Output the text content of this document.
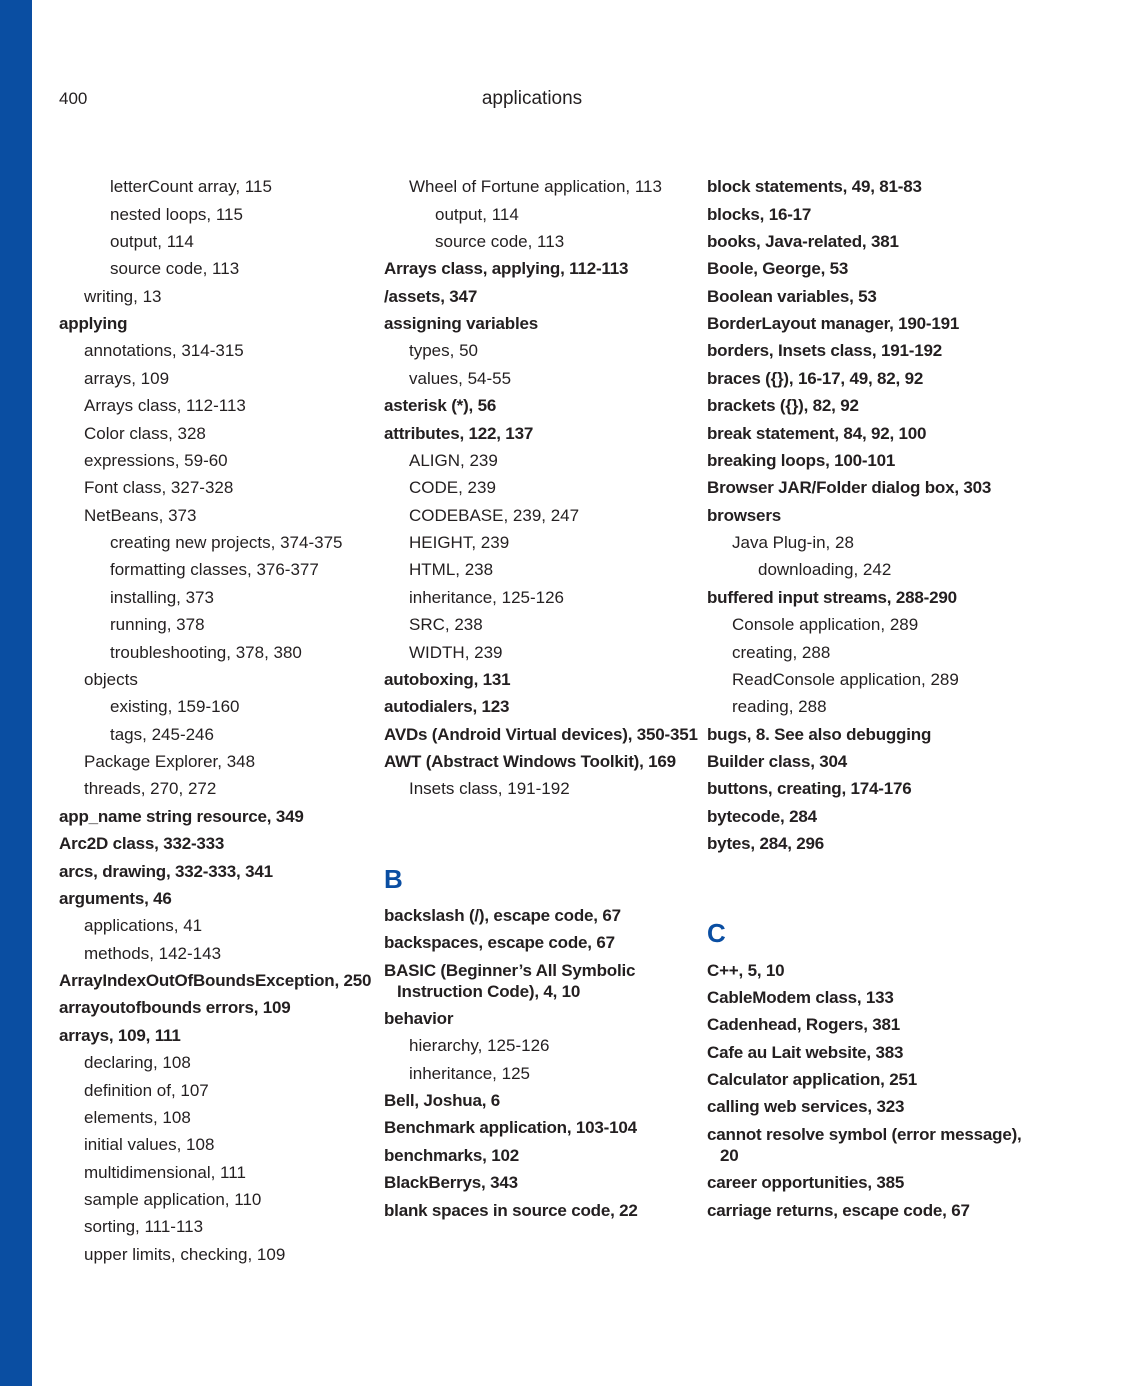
400	applications
letterCount array, 115
nested loops, 115
output, 114
source code, 113
writing, 13
applying
annotations, 314-315
arrays, 109
Arrays class, 112-113
Color class, 328
expressions, 59-60
Font class, 327-328
NetBeans, 373
creating new projects, 374-375
formatting classes, 376-377
installing, 373
running, 378
troubleshooting, 378, 380
objects
existing, 159-160
tags, 245-246
Package Explorer, 348
threads, 270, 272
app_name string resource, 349
Arc2D class, 332-333
arcs, drawing, 332-333, 341
arguments, 46
applications, 41
methods, 142-143
ArrayIndexOutOfBoundsException, 250
arrayoutofbounds errors, 109
arrays, 109, 111
declaring, 108
definition of, 107
elements, 108
initial values, 108
multidimensional, 111
sample application, 110
sorting, 111-113
upper limits, checking, 109
Wheel of Fortune application, 113
output, 114
source code, 113
Arrays class, applying, 112-113
/assets, 347
assigning variables
types, 50
values, 54-55
asterisk (*), 56
attributes, 122, 137
ALIGN, 239
CODE, 239
CODEBASE, 239, 247
HEIGHT, 239
HTML, 238
inheritance, 125-126
SRC, 238
WIDTH, 239
autoboxing, 131
autodialers, 123
AVDs (Android Virtual devices), 350-351
AWT (Abstract Windows Toolkit), 169
Insets class, 191-192
B
backslash (/), escape code, 67
backspaces, escape code, 67
BASIC (Beginner’s All Symbolic Instruction Code), 4, 10
behavior
hierarchy, 125-126
inheritance, 125
Bell, Joshua, 6
Benchmark application, 103-104
benchmarks, 102
BlackBerrys, 343
blank spaces in source code, 22
block statements, 49, 81-83
blocks, 16-17
books, Java-related, 381
Boole, George, 53
Boolean variables, 53
BorderLayout manager, 190-191
borders, Insets class, 191-192
braces ({}), 16-17, 49, 82, 92
brackets ({}), 82, 92
break statement, 84, 92, 100
breaking loops, 100-101
Browser JAR/Folder dialog box, 303
browsers
Java Plug-in, 28
downloading, 242
buffered input streams, 288-290
Console application, 289
creating, 288
ReadConsole application, 289
reading, 288
bugs, 8. See also debugging
Builder class, 304
buttons, creating, 174-176
bytecode, 284
bytes, 284, 296
C
C++, 5, 10
CableModem class, 133
Cadenhead, Rogers, 381
Cafe au Lait website, 383
Calculator application, 251
calling web services, 323
cannot resolve symbol (error message), 20
career opportunities, 385
carriage returns, escape code, 67
